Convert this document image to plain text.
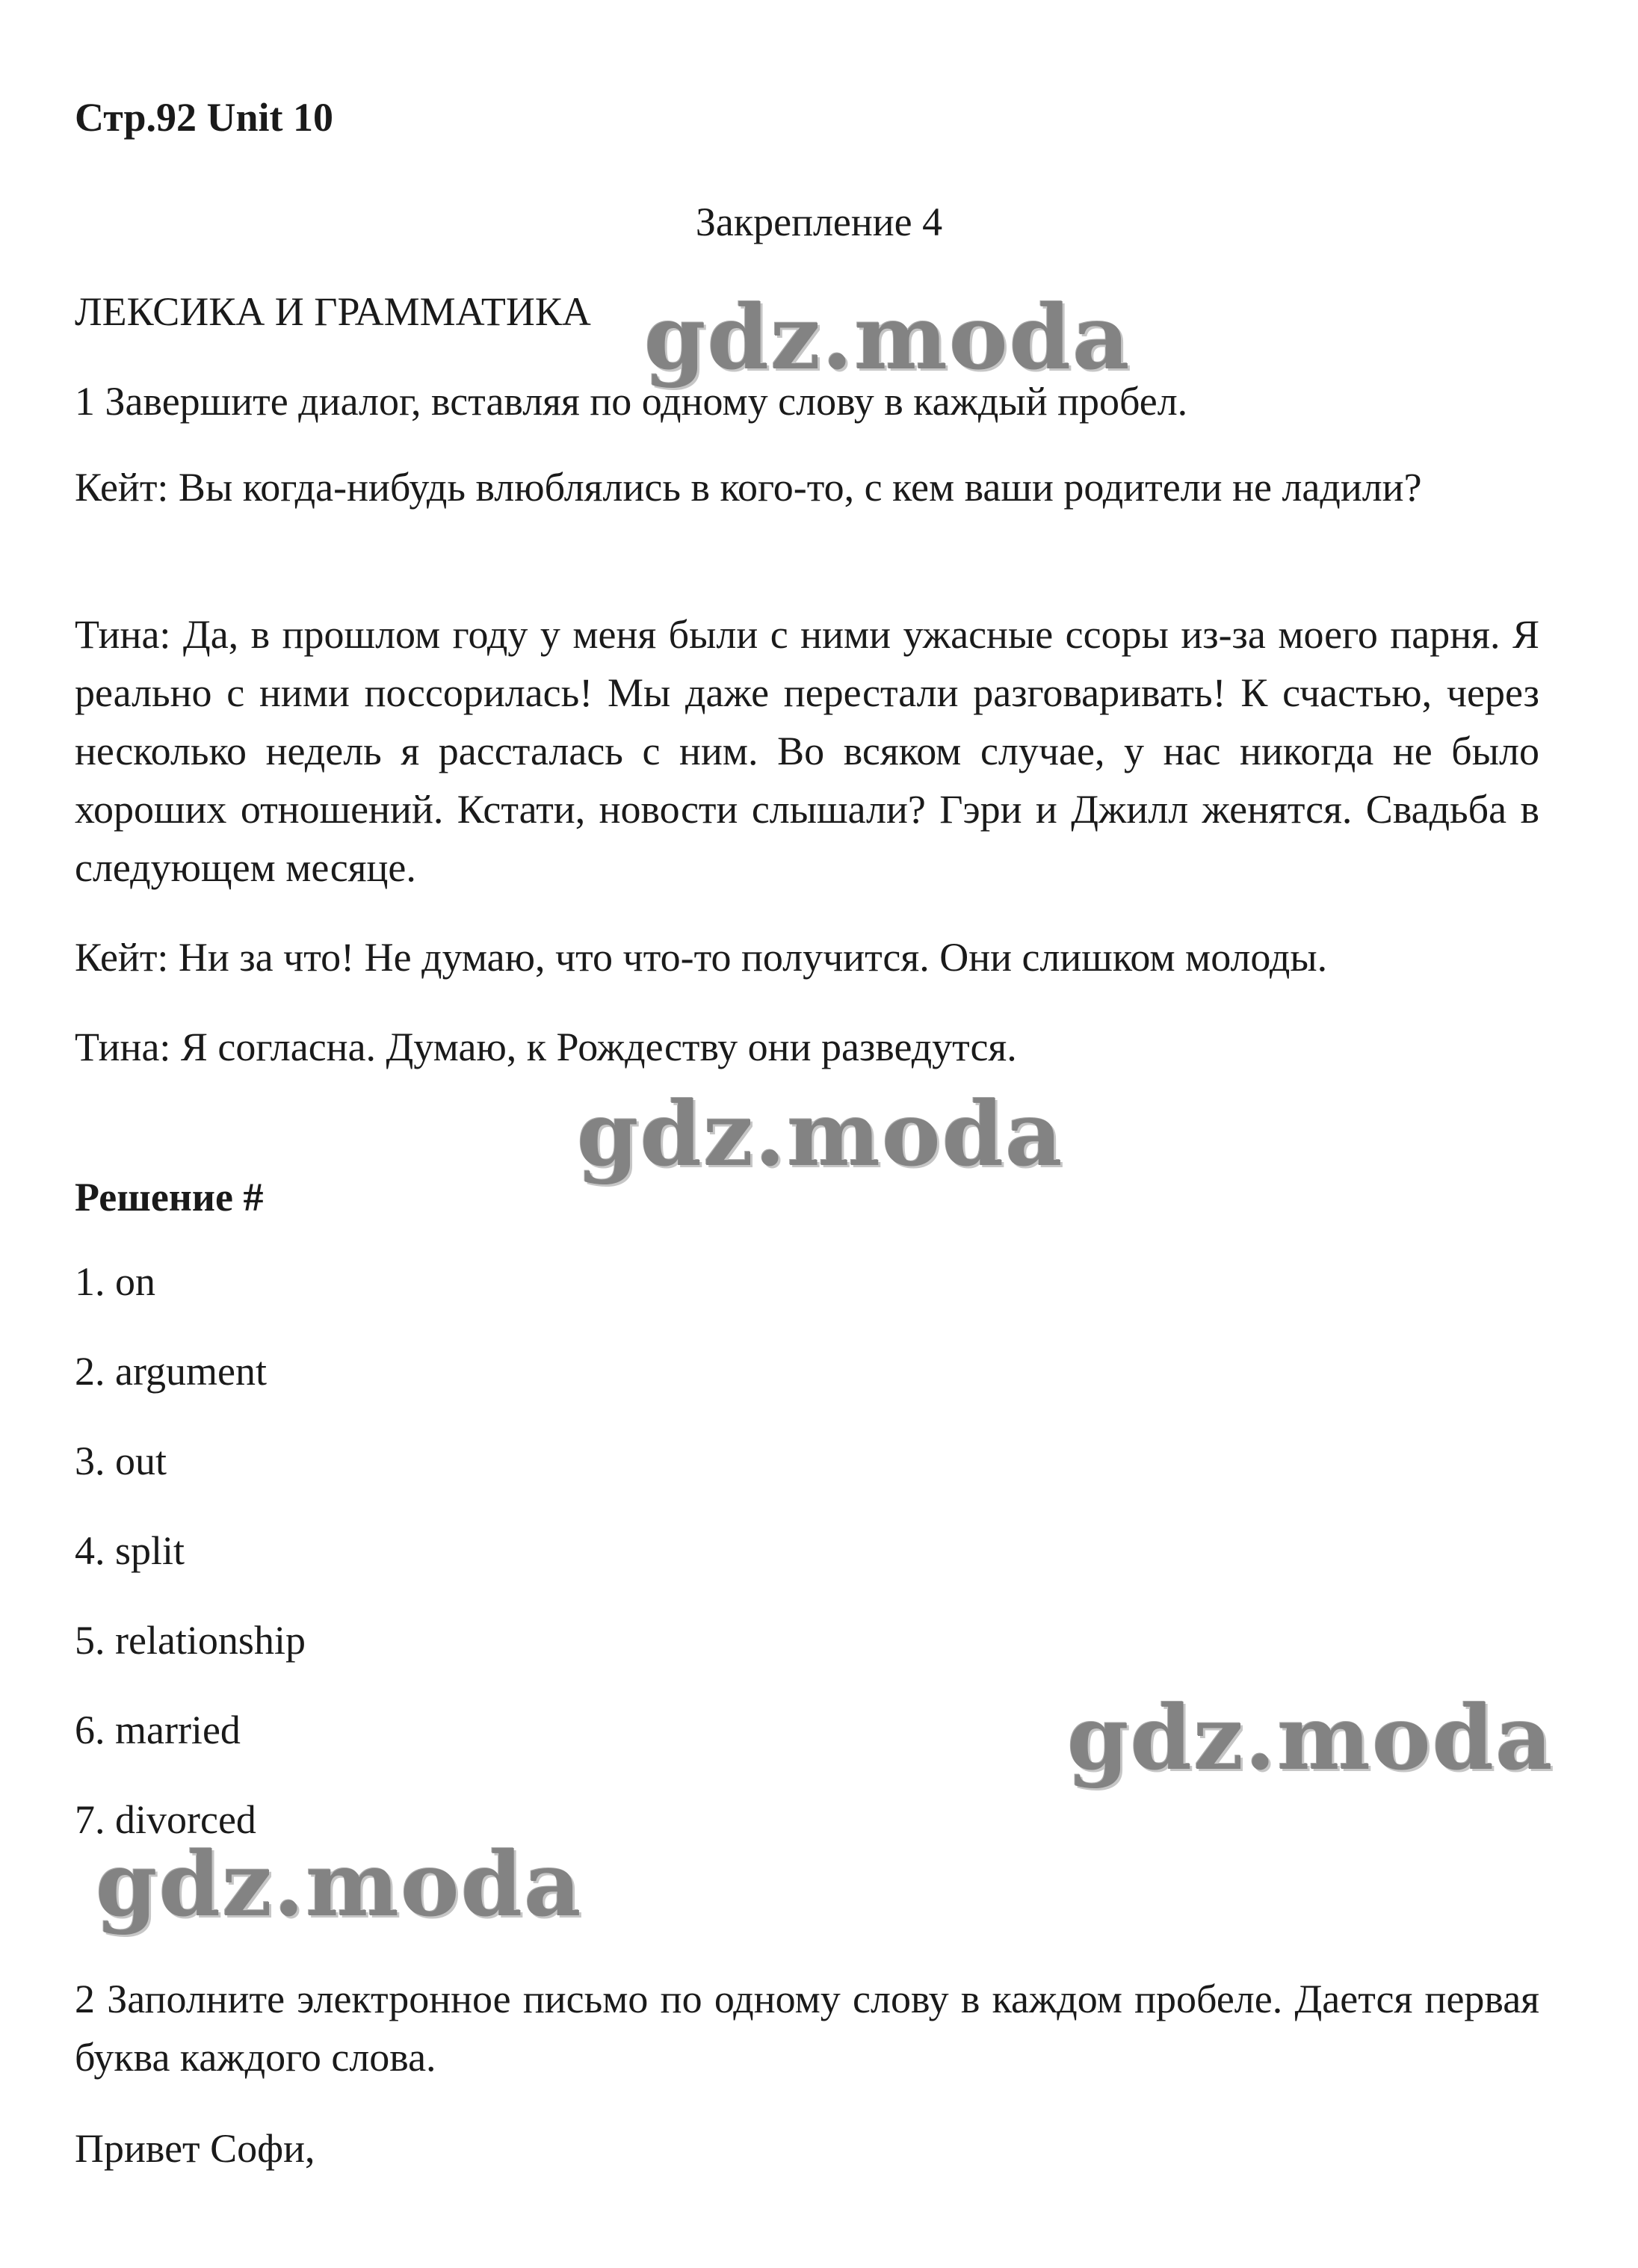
Стр.92 Unit 10
Закрепление 4
ЛЕКСИКА И ГРАММАТИКА
1 Завершите диалог, вставляя по одному слову в каждый пробел.

Кейт: Вы когда-нибудь влюблялись в кого-то, с кем ваши родители не ладили?

Тина: Да, в прошлом году у меня были с ними ужасные ссоры из-за моего парня. Я реально с ними поссорилась! Мы даже перестали разговаривать! К счастью, через несколько недель я рассталась с ним. Во всяком случае, у нас никогда не было хороших отношений. Кстати, новости слышали? Гэри и Джилл женятся. Свадьба в следующем месяце.

Кейт: Ни за что! Не думаю, что что-то получится. Они слишком молоды.

Тина: Я согласна. Думаю, к Рождеству они разведутся.

Решение #
1. on
2. argument
3. out
4. split
5. relationship
6. married
7. divorced

2 Заполните электронное письмо по одному слову в каждом пробеле. Дается первая буква каждого слова.

Привет Софи,
gdz.moda
gdz.moda
gdz.moda
gdz.moda
